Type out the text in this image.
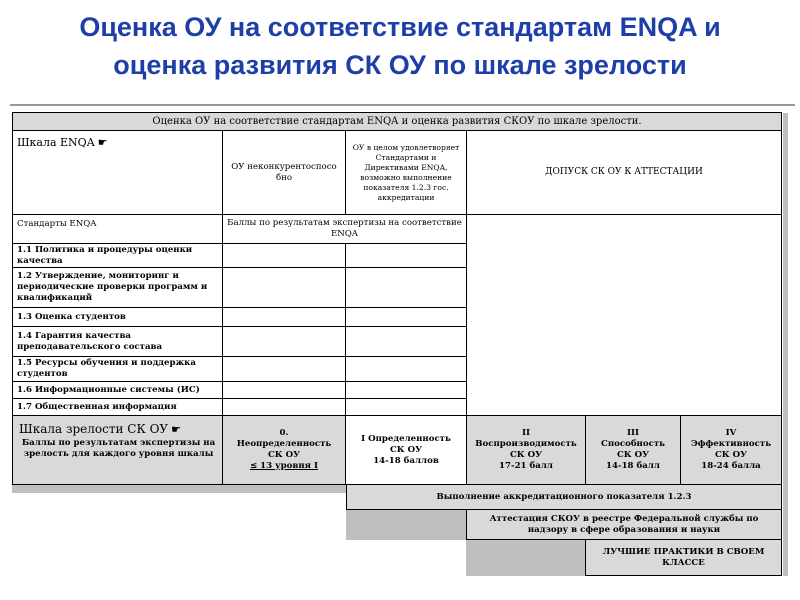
Оценка ОУ на соответствие стандартам ENQA и
оценка развития СК ОУ по шкале зрелости
Оценка ОУ на соответствие стандартам ENQA и оценка развития СКОУ по шкале зрелости.
Шкала ENQA ☛
ОУ неконкурентоспособно
ОУ в целом удовлетворяет Стандартами и Директивами ENQA, возможно выполнение показателя 1.2.3 гос. аккредитации
ДОПУСК СК ОУ К АТТЕСТАЦИИ
Стандарты ENQA	Баллы по результатам экспертизы на соответствие ENQA
1.1 Политика и процедуры оценки качества
1.2 Утверждение, мониторинг и периодические проверки программ и квалификаций
1.3 Оценка студентов
1.4 Гарантия качества преподавательского состава
1.5 Ресурсы обучения и поддержка студентов
1.6 Информационные системы (ИС)
1.7 Общественная информация
Шкала зрелости СК ОУ ☛
Баллы по результатам экспертизы на зрелость для каждого уровня шкалы
0.
Неопределенность
СК ОУ
≤ 13 уровня I
I Определенность
СК ОУ
14-18 баллов
II
Воспроизводимость
СК ОУ
17-21 балл
III
Способность
СК ОУ
14-18 балл
IV
Эффективность
СК ОУ
18-24 балла
Выполнение аккредитационного показателя 1.2.3
Аттестация СКОУ в реестре Федеральной службы по надзору в сфере образования и науки
ЛУЧШИЕ ПРАКТИКИ В СВОЕМ КЛАССЕ
